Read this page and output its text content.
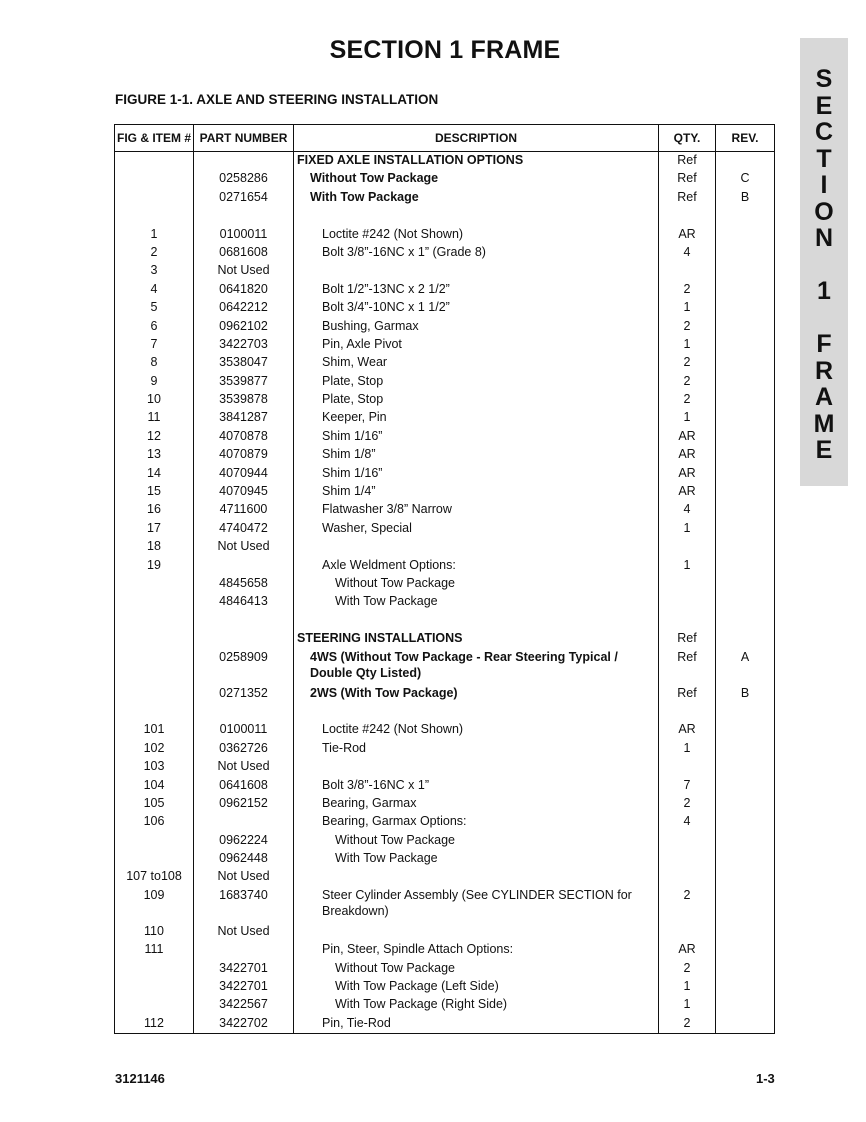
SECTION 1 FRAME
FIGURE 1-1. AXLE AND STEERING INSTALLATION
S
E
C
T
I
O
N
1
F
R
A
M
E
FIG & ITEM #	PART NUMBER	DESCRIPTION	QTY.	REV.
		FIXED AXLE INSTALLATION OPTIONS	Ref	
	0258286	Without Tow Package	Ref	C
	0271654	With Tow Package	Ref	B

1	0100011	Loctite #242 (Not Shown)	AR	
2	0681608	Bolt 3/8”-16NC x 1” (Grade 8)	4	
3	Not Used			
4	0641820	Bolt 1/2”-13NC x 2 1/2”	2	
5	0642212	Bolt 3/4”-10NC x 1 1/2”	1	
6	0962102	Bushing, Garmax	2	
7	3422703	Pin, Axle Pivot	1	
8	3538047	Shim, Wear	2	
9	3539877	Plate, Stop	2	
10	3539878	Plate, Stop	2	
11	3841287	Keeper, Pin	1	
12	4070878	Shim 1/16”	AR	
13	4070879	Shim 1/8”	AR	
14	4070944	Shim 1/16”	AR	
15	4070945	Shim 1/4”	AR	
16	4711600	Flatwasher 3/8” Narrow	4	
17	4740472	Washer, Special	1	
18	Not Used			
19		Axle Weldment Options:	1	
	4845658	Without Tow Package		
	4846413	With Tow Package		

		STEERING INSTALLATIONS	Ref	
	0258909	4WS (Without Tow Package - Rear Steering Typical / Double Qty Listed)	Ref	A
	0271352	2WS (With Tow Package)	Ref	B

101	0100011	Loctite #242 (Not Shown)	AR	
102	0362726	Tie-Rod	1	
103	Not Used			
104	0641608	Bolt 3/8”-16NC x 1”	7	
105	0962152	Bearing, Garmax	2	
106		Bearing, Garmax Options:	4	
	0962224	Without Tow Package		
	0962448	With Tow Package		
107 to108	Not Used			
109	1683740	Steer Cylinder Assembly (See CYLINDER SECTION for Breakdown)	2	
110	Not Used			
111		Pin, Steer, Spindle Attach Options:	AR	
	3422701	Without Tow Package	2	
	3422701	With Tow Package (Left Side)	1	
	3422567	With Tow Package (Right Side)	1	
112	3422702	Pin, Tie-Rod	2	
3121146	1-3
